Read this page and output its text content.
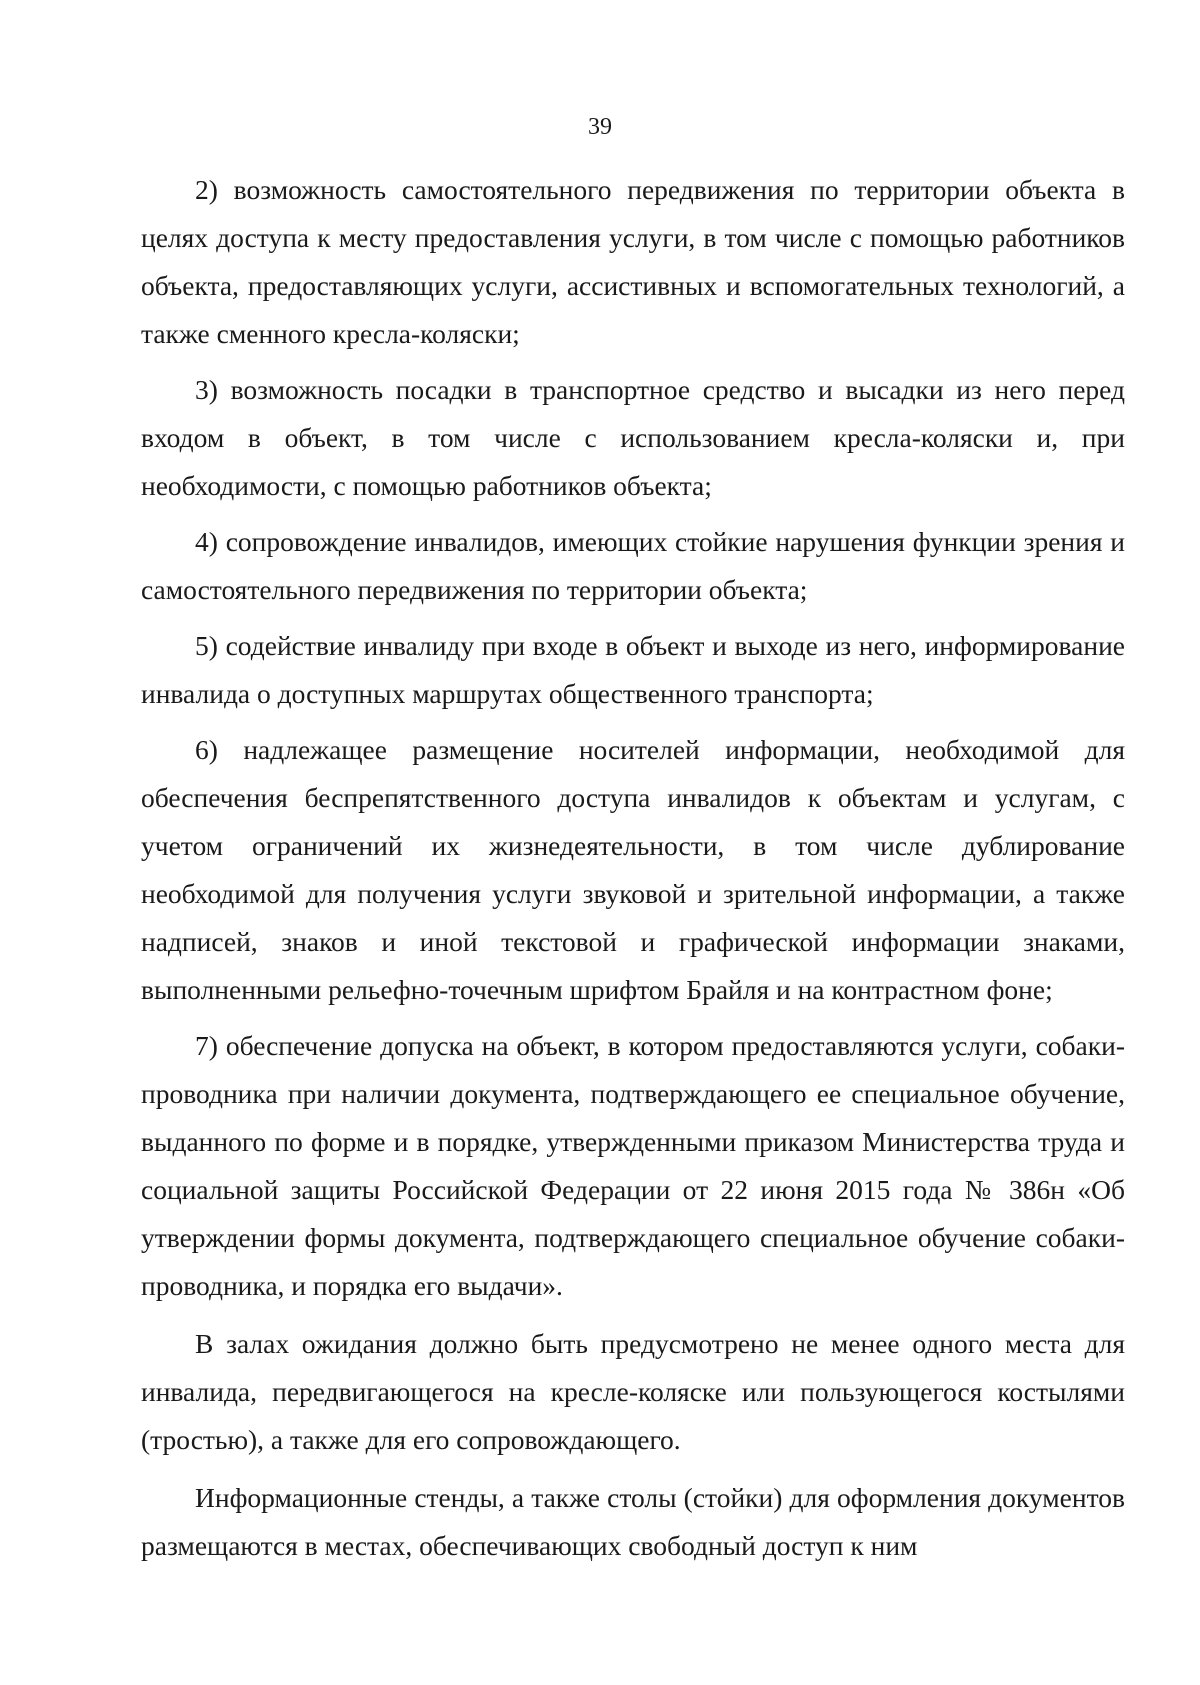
39

2) возможность самостоятельного передвижения по территории объекта в целях доступа к месту предоставления услуги, в том числе с помощью работников объекта, предоставляющих услуги, ассистивных и вспомогательных технологий, а также сменного кресла-коляски;

3) возможность посадки в транспортное средство и высадки из него перед входом в объект, в том числе с использованием кресла-коляски и, при необходимости, с помощью работников объекта;

4) сопровождение инвалидов, имеющих стойкие нарушения функции зрения и самостоятельного передвижения по территории объекта;

5) содействие инвалиду при входе в объект и выходе из него, информирование инвалида о доступных маршрутах общественного транспорта;

6) надлежащее размещение носителей информации, необходимой для обеспечения беспрепятственного доступа инвалидов к объектам и услугам, с учетом ограничений их жизнедеятельности, в том числе дублирование необходимой для получения услуги звуковой и зрительной информации, а также надписей, знаков и иной текстовой и графической информации знаками, выполненными рельефно-точечным шрифтом Брайля и на контрастном фоне;

7) обеспечение допуска на объект, в котором предоставляются услуги, собаки-проводника при наличии документа, подтверждающего ее специальное обучение, выданного по форме и в порядке, утвержденными приказом Министерства труда и социальной защиты Российской Федерации от 22 июня 2015 года № 386н «Об утверждении формы документа, подтверждающего специальное обучение собаки-проводника, и порядка его выдачи».

В залах ожидания должно быть предусмотрено не менее одного места для инвалида, передвигающегося на кресле-коляске или пользующегося костылями (тростью), а также для его сопровождающего.

Информационные стенды, а также столы (стойки) для оформления документов размещаются в местах, обеспечивающих свободный доступ к ним
